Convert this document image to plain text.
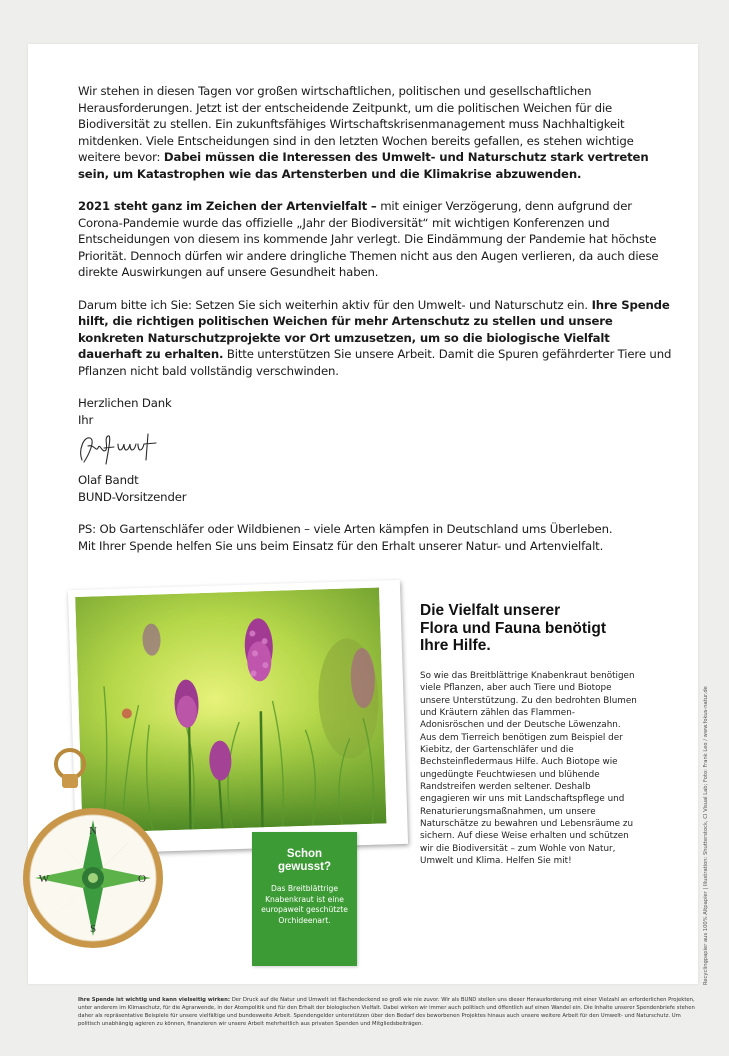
Wir stehen in diesen Tagen vor großen wirtschaftlichen, politischen und gesellschaftlichen Herausforderungen. Jetzt ist der entscheidende Zeitpunkt, um die politischen Weichen für die Biodiversität zu stellen. Ein zukunftsfähiges Wirtschaftskrisenmanagement muss Nachhaltigkeit mitdenken. Viele Entscheidungen sind in den letzten Wochen bereits gefallen, es stehen wichtige weitere bevor: Dabei müssen die Interessen des Umwelt- und Naturschutz stark vertreten sein, um Katastrophen wie das Artensterben und die Klimakrise abzuwenden.

2021 steht ganz im Zeichen der Artenvielfalt – mit einiger Verzögerung, denn aufgrund der Corona-Pandemie wurde das offizielle „Jahr der Biodiversität“ mit wichtigen Konferenzen und Entscheidungen von diesem ins kommende Jahr verlegt. Die Eindämmung der Pandemie hat höchste Priorität. Dennoch dürfen wir andere dringliche Themen nicht aus den Augen verlieren, da auch diese direkte Auswirkungen auf unsere Gesundheit haben.

Darum bitte ich Sie: Setzen Sie sich weiterhin aktiv für den Umwelt- und Naturschutz ein. Ihre Spende hilft, die richtigen politischen Weichen für mehr Artenschutz zu stellen und unsere konkreten Naturschutzprojekte vor Ort umzusetzen, um so die biologische Vielfalt dauerhaft zu erhalten. Bitte unterstützen Sie unsere Arbeit. Damit die Spuren gefährderter Tiere und Pflanzen nicht bald vollständig verschwinden.

Herzlichen Dank
Ihr
Olaf Bandt
BUND-Vorsitzender
PS: Ob Gartenschläfer oder Wildbienen – viele Arten kämpfen in Deutschland ums Überleben.
Mit Ihrer Spende helfen Sie uns beim Einsatz für den Erhalt unserer Natur- und Artenvielfalt.
N
W	O
S
Schon
gewusst?
Das Breitblättrige Knabenkraut ist eine europaweit geschützte Orchideenart.
Die Vielfalt unserer
Flora und Fauna benötigt
Ihre Hilfe.
So wie das Breitblättrige Knabenkraut benötigen viele Pflanzen, aber auch Tiere und Biotope unsere Unterstützung. Zu den bedrohten Blumen und Kräutern zählen das Flammen-Adonisröschen und der Deutsche Löwenzahn. Aus dem Tierreich benötigen zum Beispiel der Kiebitz, der Gartenschläfer und die Bechsteinfledermaus Hilfe. Auch Biotope wie ungedüngte Feuchtwiesen und blühende Randstreifen werden seltener. Deshalb engagieren wir uns mit Landschaftspflege und Renaturierungsmaßnahmen, um unsere Naturschätze zu bewahren und Lebensräume zu sichern. Auf diese Weise erhalten und schützen wir die Biodiversität – zum Wohle von Natur, Umwelt und Klima. Helfen Sie mit!	Recyclingpapier aus 100% Altpapier | Illustration: Shutterstock, CI Visual Lab; Foto: Frank Leo / www.fokus-natur.de
Ihre Spende ist wichtig und kann vielseitig wirken: Der Druck auf die Natur und Umwelt ist flächendeckend so groß wie nie zuvor. Wir als BUND stellen uns dieser Herausforderung mit einer Vielzahl an erforderlichen Projekten, unter anderem im Klimaschutz, für die Agrarwende, in der Atompolitik und für den Erhalt der biologischen Vielfalt. Dabei wirken wir immer auch politisch und öffentlich auf einen Wandel ein. Die Inhalte unserer Spendenbriefe stehen daher als repräsentative Beispiele für unsere vielfältige und bundesweite Arbeit. Spendengelder unterstützen über den Bedarf des beworbenen Projektes hinaus auch unsere weitere Arbeit für den Umwelt- und Naturschutz. Um politisch unabhängig agieren zu können, finanzieren wir unsere Arbeit mehrheitlich aus privaten Spenden und Mitgliedsbeiträgen.
